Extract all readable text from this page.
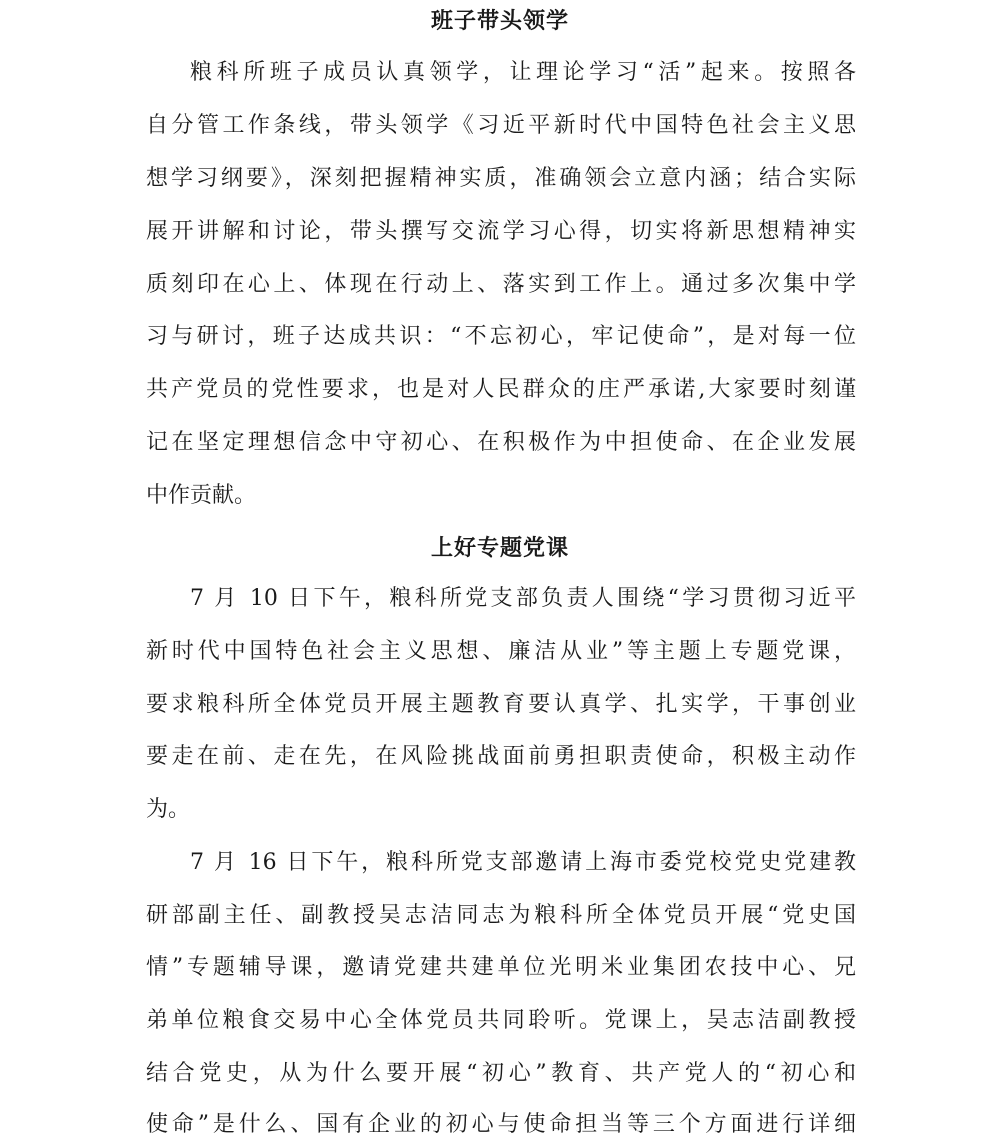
班子带头领学
粮科所班子成员认真领学，让理论学习“活”起来。按照各
自分管工作条线，带头领学《习近平新时代中国特色社会主义思
想学习纲要》，深刻把握精神实质，准确领会立意内涵；结合实际
展开讲解和讨论，带头撰写交流学习心得，切实将新思想精神实
质刻印在心上、体现在行动上、落实到工作上。通过多次集中学
习与研讨，班子达成共识：“不忘初心，牢记使命”，是对每一位
共产党员的党性要求，也是对人民群众的庄严承诺,大家要时刻谨
记在坚定理想信念中守初心、在积极作为中担使命、在企业发展
中作贡献。
上好专题党课
7 月 10 日下午，粮科所党支部负责人围绕“学习贯彻习近平
新时代中国特色社会主义思想、廉洁从业”等主题上专题党课，
要求粮科所全体党员开展主题教育要认真学、扎实学，干事创业
要走在前、走在先，在风险挑战面前勇担职责使命，积极主动作
为。
7 月 16 日下午，粮科所党支部邀请上海市委党校党史党建教
研部副主任、副教授吴志洁同志为粮科所全体党员开展“党史国
情”专题辅导课，邀请党建共建单位光明米业集团农技中心、兄
弟单位粮食交易中心全体党员共同聆听。党课上，吴志洁副教授
结合党史，从为什么要开展“初心”教育、共产党人的“初心和
使命”是什么、国有企业的初心与使命担当等三个方面进行详细
